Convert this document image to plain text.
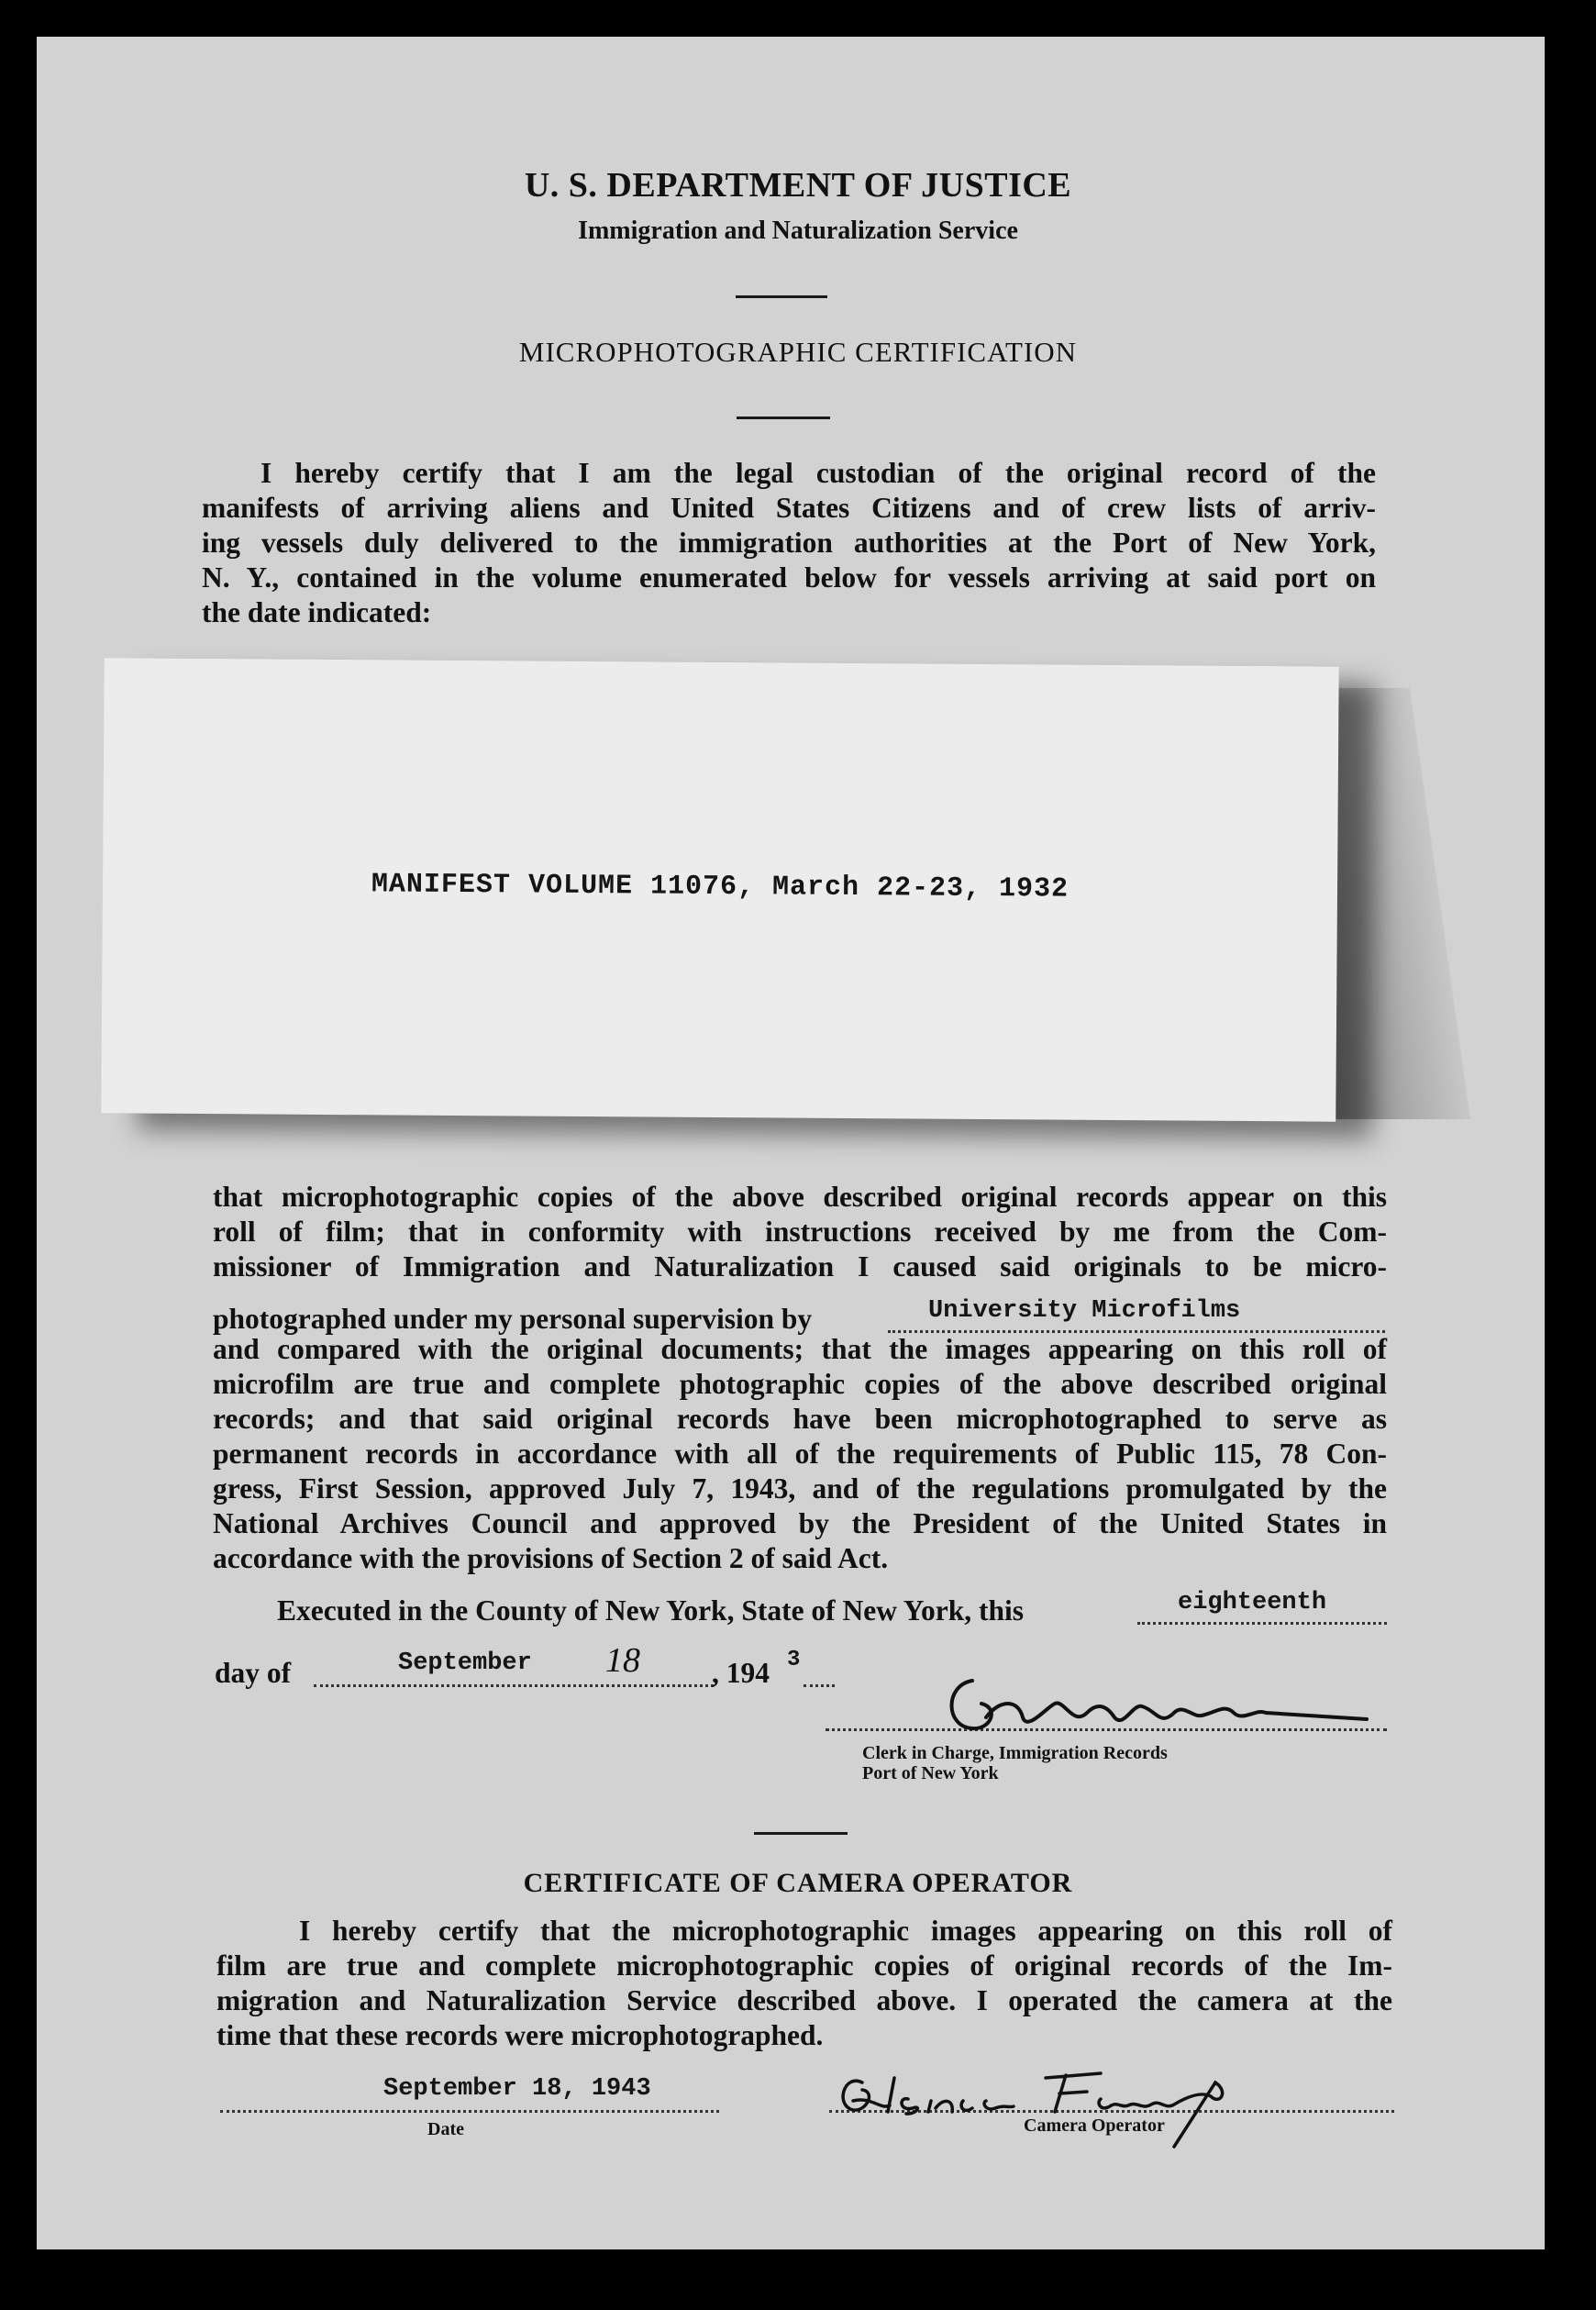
U. S. DEPARTMENT OF JUSTICE
Immigration and Naturalization Service
MICROPHOTOGRAPHIC CERTIFICATION
I hereby certify that I am the legal custodian of the original record of the
manifests of arriving aliens and United States Citizens and of crew lists of arriv-
ing vessels duly delivered to the immigration authorities at the Port of New York,
N. Y., contained in the volume enumerated below for vessels arriving at said port on
the date indicated:
MANIFEST VOLUME 11076, March 22-23, 1932
that microphotographic copies of the above described original records appear on this
roll of film; that in conformity with instructions received by me from the Com-
missioner of Immigration and Naturalization I caused said originals to be micro-
photographed under my personal supervision by	University Microfilms
and compared with the original documents; that the images appearing on this roll of
microfilm are true and complete photographic copies of the above described original
records; and that said original records have been microphotographed to serve as
permanent records in accordance with all of the requirements of Public 115, 78 Con-
gress, First Session, approved July 7, 1943, and of the regulations promulgated by the
National Archives Council and approved by the President of the United States in
accordance with the provisions of Section 2 of said Act.
Executed in the County of New York, State of New York, this	eighteenth
day of	September 18 , 194 3
Clerk in Charge, Immigration Records
Port of New York
CERTIFICATE OF CAMERA OPERATOR
I hereby certify that the microphotographic images appearing on this roll of
film are true and complete microphotographic copies of original records of the Im-
migration and Naturalization Service described above. I operated the camera at the
time that these records were microphotographed.
September 18, 1943
Date	Camera Operator
